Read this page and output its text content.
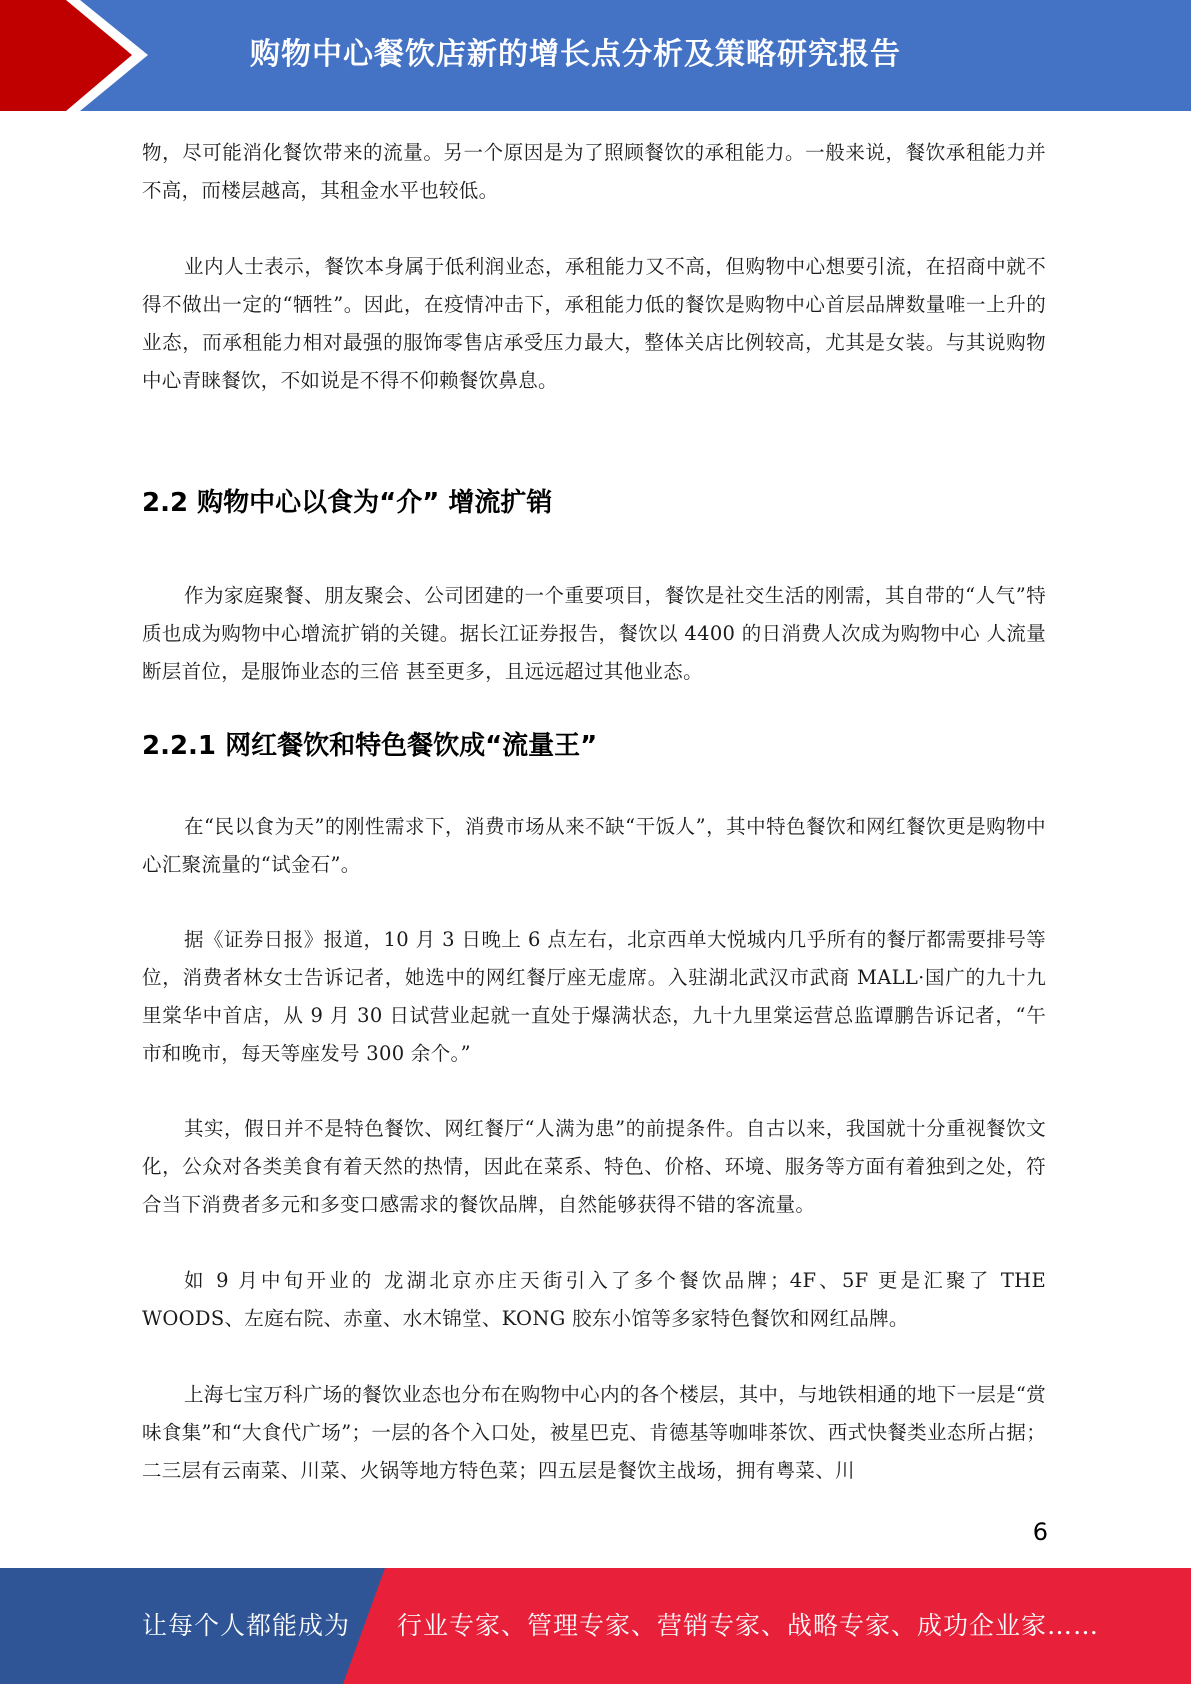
购物中心餐饮店新的增长点分析及策略研究报告

物，尽可能消化餐饮带来的流量。另一个原因是为了照顾餐饮的承租能力。一般来说，餐饮承租能力并不高，而楼层越高，其租金水平也较低。

业内人士表示，餐饮本身属于低利润业态，承租能力又不高，但购物中心想要引流，在招商中就不得不做出一定的“牺牲”。因此，在疫情冲击下，承租能力低的餐饮是购物中心首层品牌数量唯一上升的业态，而承租能力相对最强的服饰零售店承受压力最大，整体关店比例较高，尤其是女装。与其说购物中心青睐餐饮，不如说是不得不仰赖餐饮鼻息。

2.2 购物中心以食为“介” 增流扩销

作为家庭聚餐、朋友聚会、公司团建的一个重要项目，餐饮是社交生活的刚需，其自带的“人气”特质也成为购物中心增流扩销的关键。据长江证券报告，餐饮以 4400 的日消费人次成为购物中心 人流量断层首位，是服饰业态的三倍 甚至更多，且远远超过其他业态。

2.2.1 网红餐饮和特色餐饮成“流量王”

在“民以食为天”的刚性需求下，消费市场从来不缺“干饭人”，其中特色餐饮和网红餐饮更是购物中心汇聚流量的“试金石”。

据《证券日报》报道，10 月 3 日晚上 6 点左右，北京西单大悦城内几乎所有的餐厅都需要排号等位，消费者林女士告诉记者，她选中的网红餐厅座无虚席。入驻湖北武汉市武商 MALL·国广的九十九里棠华中首店，从 9 月 30 日试营业起就一直处于爆满状态，九十九里棠运营总监谭鹏告诉记者，“午市和晚市，每天等座发号 300 余个。”

其实，假日并不是特色餐饮、网红餐厅“人满为患”的前提条件。自古以来，我国就十分重视餐饮文化，公众对各类美食有着天然的热情，因此在菜系、特色、价格、环境、服务等方面有着独到之处，符合当下消费者多元和多变口感需求的餐饮品牌，自然能够获得不错的客流量。

如 9 月中旬开业的 龙湖北京亦庄天街引入了多个餐饮品牌；4F、5F 更是汇聚了 THE WOODS、左庭右院、赤童、水木锦堂、KONG 胶东小馆等多家特色餐饮和网红品牌。

上海七宝万科广场的餐饮业态也分布在购物中心内的各个楼层，其中，与地铁相通的地下一层是“赏味食集”和“大食代广场”；一层的各个入口处，被星巴克、肯德基等咖啡茶饮、西式快餐类业态所占据；二三层有云南菜、川菜、火锅等地方特色菜；四五层是餐饮主战场，拥有粤菜、川

6
让每个人都能成为 行业专家、管理专家、营销专家、战略专家、成功企业家……
